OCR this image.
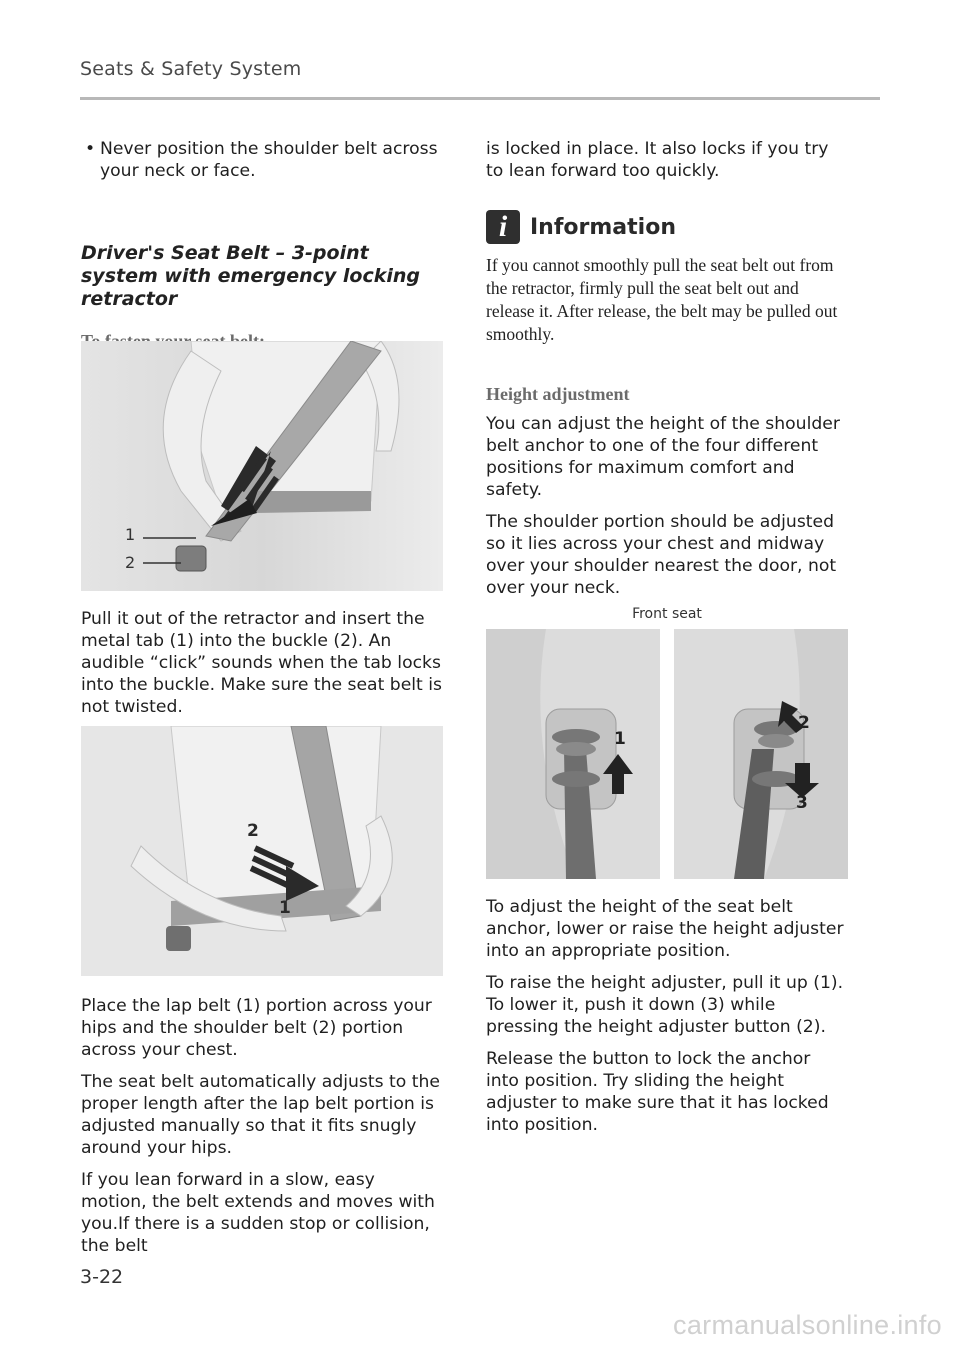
Seats & Safety System
• Never position the shoulder belt across your neck or face.
Driver's Seat Belt – 3-point system with emergency locking retractor
1
2

Pull it out of the retractor and insert the metal tab (1) into the buckle (2). An audible “click” sounds when the tab locks into the buckle. Make sure the seat belt is not twisted.

2
1

Place the lap belt (1) portion across your hips and the shoulder belt (2) portion across your chest.

The seat belt automatically adjusts to the proper length after the lap belt portion is adjusted manually so that it fits snugly around your hips.

If you lean forward in a slow, easy motion, the belt extends and moves with you.If there is a sudden stop or collision, the belt

is locked in place. It also locks if you try to lean forward too quickly.

i	Information

If you cannot smoothly pull the seat belt out from the retractor, firmly pull the seat belt out and release it. After release, the belt may be pulled out smoothly.

Height adjustment

You can adjust the height of the shoulder belt anchor to one of the four different positions for maximum comfort and safety.

The shoulder portion should be adjusted so it lies across your chest and midway over your shoulder nearest the door, not over your neck.

Front seat
1
2
3

To adjust the height of the seat belt anchor, lower or raise the height adjuster into an appropriate position.

To raise the height adjuster, pull it up (1). To lower it, push it down (3) while pressing the height adjuster button (2).

Release the button to lock the anchor into position. Try sliding the height adjuster to make sure that it has locked into position.

3-22
carmanualsonline.info
